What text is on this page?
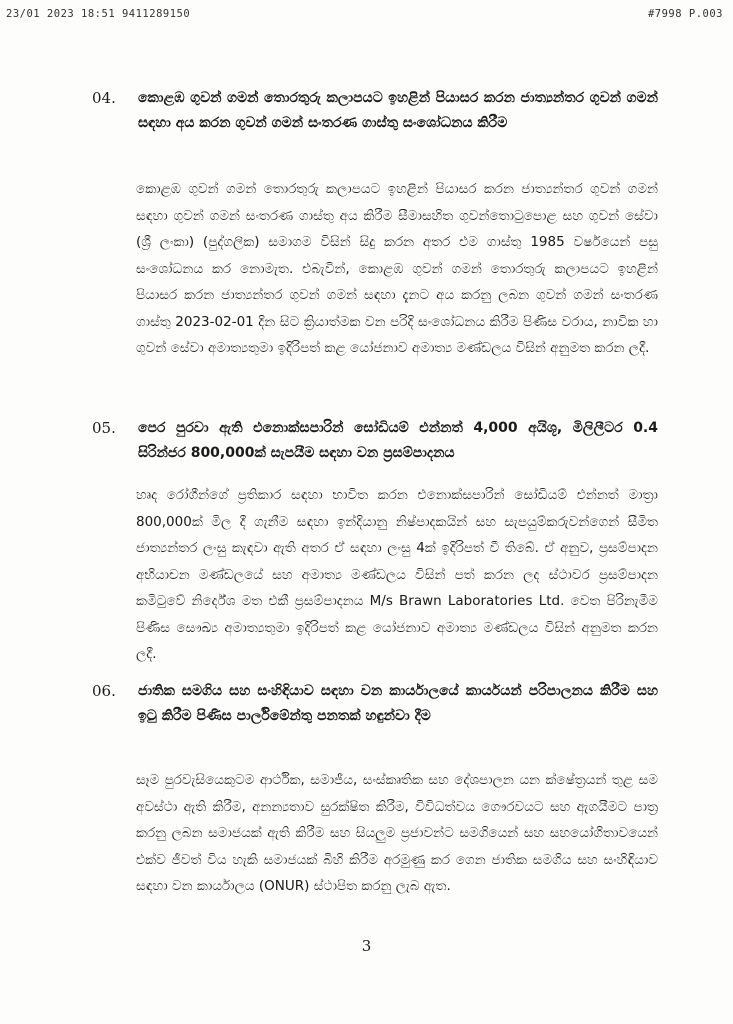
23/01 2023 18:51 9411289150	#7998 P.003
04. කොළඹ ගුවන් ගමන් තොරතුරු කලාපයට ඉහළින් පියාසර කරන ජාත්‍යන්තර ගුවන් ගමන් සඳහා අය කරන ගුවන් ගමන් සංතරණ ගාස්තු සංශෝධනය කිරීම
කොළඹ ගුවන් ගමන් තොරතුරු කලාපයට ඉහළින් පියාසර කරන ජාත්‍යන්තර ගුවන් ගමන් සඳහා ගුවන් ගමන් සංතරණ ගාස්තු අය කිරීම සීමාසහිත ගුවන්තොටුපොළ සහ ගුවන් සේවා (ශ්‍රී ලංකා) (පුද්ගලික) සමාගම විසින් සිදු කරන අතර එම ගාස්තු 1985 වර්ෂයෙන් පසු සංශෝධනය කර නොමැත. එබැවින්, කොළඹ ගුවන් ගමන් තොරතුරු කලාපයට ඉහළින් පියාසර කරන ජාත්‍යන්තර ගුවන් ගමන් සඳහා දැනට අය කරනු ලබන ගුවන් ගමන් සංතරණ ගාස්තු 2023-02-01 දින සිට ක්‍රියාත්මක වන පරිදි සංශෝධනය කිරීම පිණිස වරාය, නාවික හා ගුවන් සේවා අමාත්‍යතුමා ඉදිරිපත් කළ යෝජනාව අමාත්‍ය මණ්ඩලය විසින් අනුමත කරන ලදී.
05. පෙර පුරවා ඇති එනොක්සපාරින් සෝඩියම් එන්නත් 4,000 අයිශූ, මිලිලීටර 0.4 සිරින්ජර 800,000ක් සැපයීම සඳහා වන ප්‍රසම්පාදනය
හෘද රෝගීන්ගේ ප්‍රතිකාර සඳහා භාවිත කරන එනොක්සපාරින් සෝඩියම් එන්නත් මාත්‍රා 800,000ක් මිල දී ගැනීම සඳහා ඉන්දියානු නිෂ්පාදකයින් සහ සැපයුම්කරුවන්ගෙන් සීමිත ජාත්‍යන්තර ලංසු කැඳවා ඇති අතර ඒ සඳහා ලංසු 4ක් ඉදිරිපත් වී තිබේ. ඒ අනුව, ප්‍රසම්පාදන අභියාචන මණ්ඩලයේ සහ අමාත්‍ය මණ්ඩලය විසින් පත් කරන ලද ස්ථාවර ප්‍රසම්පාදන කමිටුවේ නිර්දේශ මත එකී ප්‍රසම්පාදනය M/s Brawn Laboratories Ltd. වෙත පිරිනැමීම පිණිස සෞඛ්‍ය අමාත්‍යතුමා ඉදිරිපත් කළ යෝජනාව අමාත්‍ය මණ්ඩලය විසින් අනුමත කරන ලදී.
06. ජාතික සමගිය සහ සංහිඳියාව සඳහා වන කාර්යාලයේ කාර්යයන් පරිපාලනය කිරීම සහ ඉටු කිරීම පිණිස පාර්ලිමේන්තු පනතක් හඳුන්වා දීම
සෑම පුරවැසියෙකුටම ආර්ථික, සමාජීය, සංස්කෘතික සහ දේශපාලන යන ක්ෂේත්‍රයන් තුළ සම අවස්ථා ඇති කිරීම, අනන්‍යතාව සුරක්ෂිත කිරීම, විවිධත්වය ගෞරවයට සහ ඇගයීමට පාත්‍ර කරනු ලබන සමාජයක් ඇති කිරීම සහ සියලුම ප්‍රජාවන්ට සමගියෙන් සහ සහයෝගිතාවයෙන් එක්ව ජීවත් විය හැකි සමාජයක් බිහි කිරීම අරමුණු කර ගෙන ජාතික සමගිය සහ සංහිඳියාව සඳහා වන කාර්යාලය (ONUR) ස්ථාපිත කරනු ලැබ ඇත.
3
